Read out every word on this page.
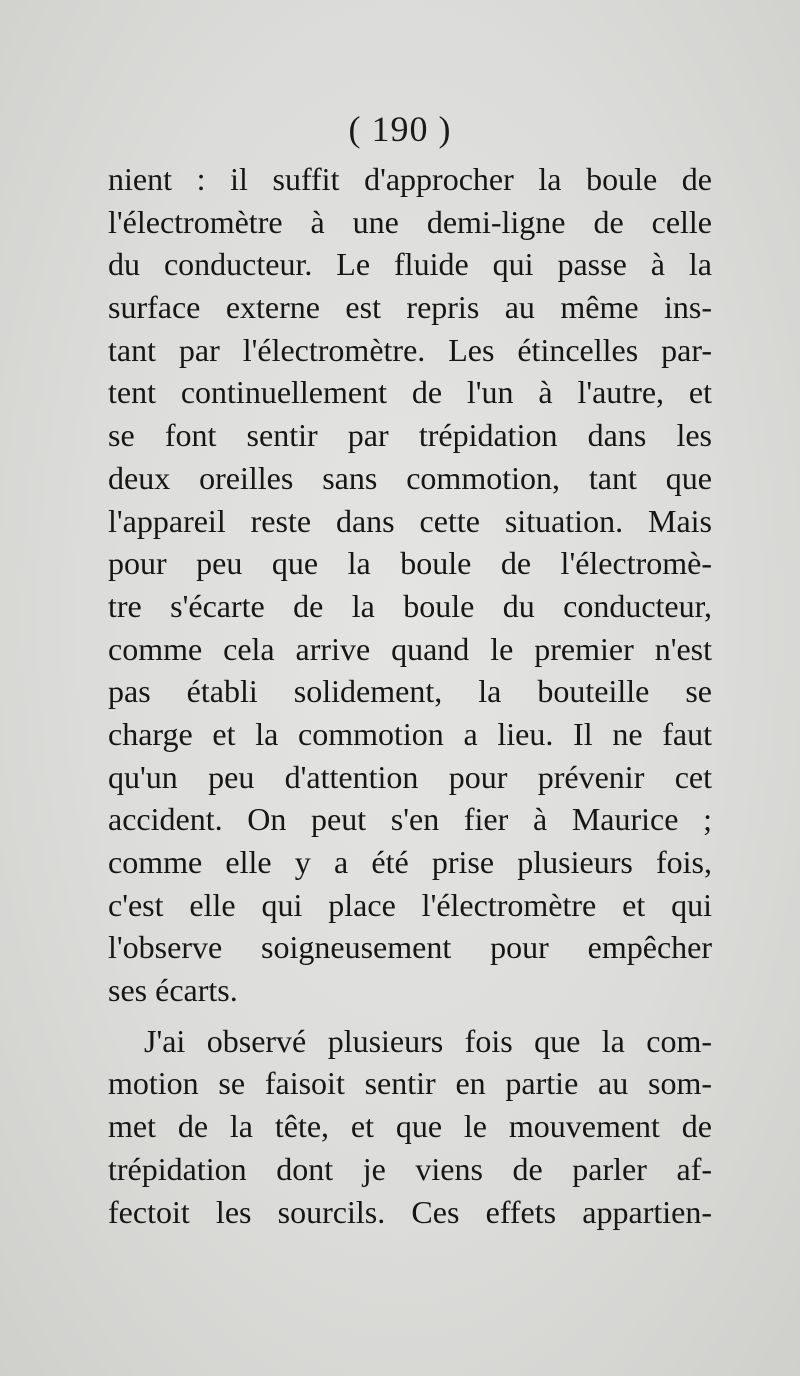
( 190 )
nient : il suffit d'approcher la boule de
l'électromètre à une demi-ligne de celle
du conducteur. Le fluide qui passe à la
surface externe est repris au même ins-
tant par l'électromètre. Les étincelles par-
tent continuellement de l'un à l'autre, et
se font sentir par trépidation dans les
deux oreilles sans commotion, tant que
l'appareil reste dans cette situation. Mais
pour peu que la boule de l'électromè-
tre s'écarte de la boule du conducteur,
comme cela arrive quand le premier n'est
pas établi solidement, la bouteille se
charge et la commotion a lieu. Il ne faut
qu'un peu d'attention pour prévenir cet
accident. On peut s'en fier à Maurice ;
comme elle y a été prise plusieurs fois,
c'est elle qui place l'électromètre et qui
l'observe soigneusement pour empêcher
ses écarts.
J'ai observé plusieurs fois que la com-
motion se faisoit sentir en partie au som-
met de la tête, et que le mouvement de
trépidation dont je viens de parler af-
fectoit les sourcils. Ces effets appartien-
